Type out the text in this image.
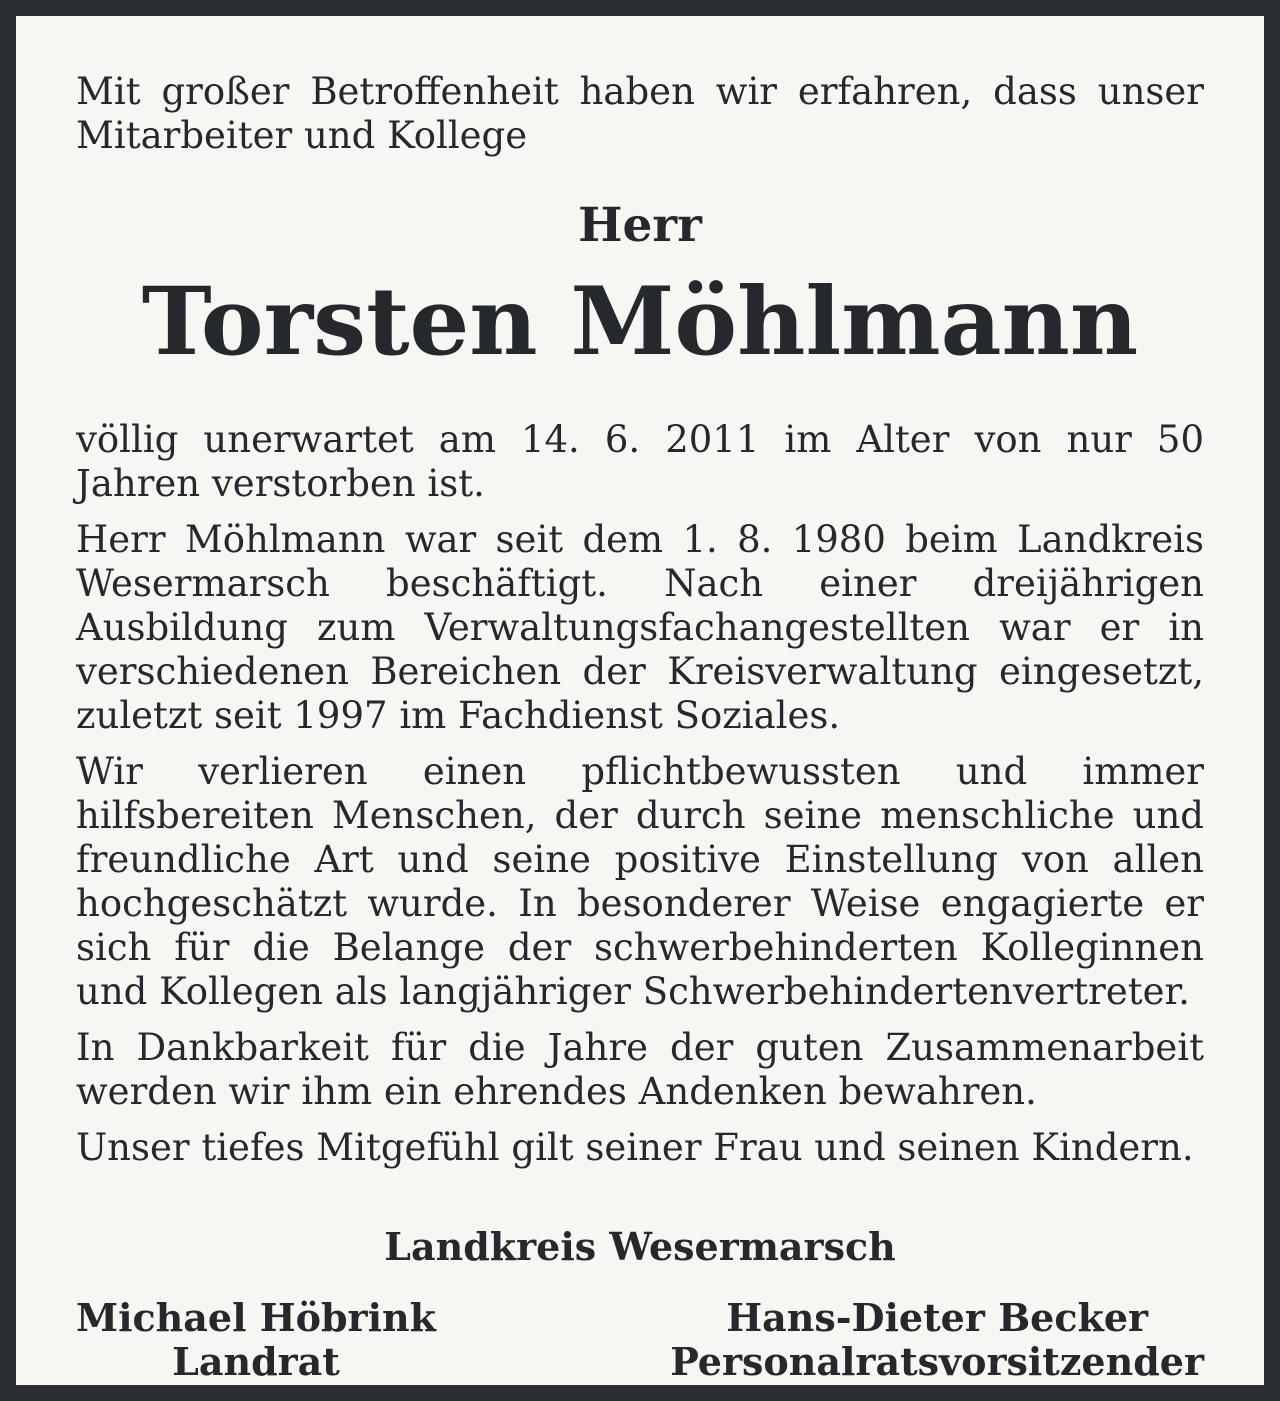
Mit großer Betroffenheit haben wir erfahren, dass unser Mitarbeiter und Kollege

Herr

Torsten Möhlmann

völlig unerwartet am 14. 6. 2011 im Alter von nur 50 Jahren verstorben ist.

Herr Möhlmann war seit dem 1. 8. 1980 beim Landkreis Wesermarsch beschäftigt. Nach einer dreijährigen Ausbildung zum Verwaltungsfachangestellten war er in verschiedenen Bereichen der Kreisverwaltung eingesetzt, zuletzt seit 1997 im Fachdienst Soziales.

Wir verlieren einen pflichtbewussten und immer hilfsbereiten Menschen, der durch seine menschliche und freundliche Art und seine positive Einstellung von allen hochgeschätzt wurde. In besonderer Weise engagierte er sich für die Belange der schwerbehinderten Kolleginnen und Kollegen als langjähriger Schwerbehindertenvertreter.

In Dankbarkeit für die Jahre der guten Zusammenarbeit werden wir ihm ein ehrendes Andenken bewahren.

Unser tiefes Mitgefühl gilt seiner Frau und seinen Kindern.

Landkreis Wesermarsch

Michael Höbrink
Landrat
Hans-Dieter Becker
Personalratsvorsitzender
